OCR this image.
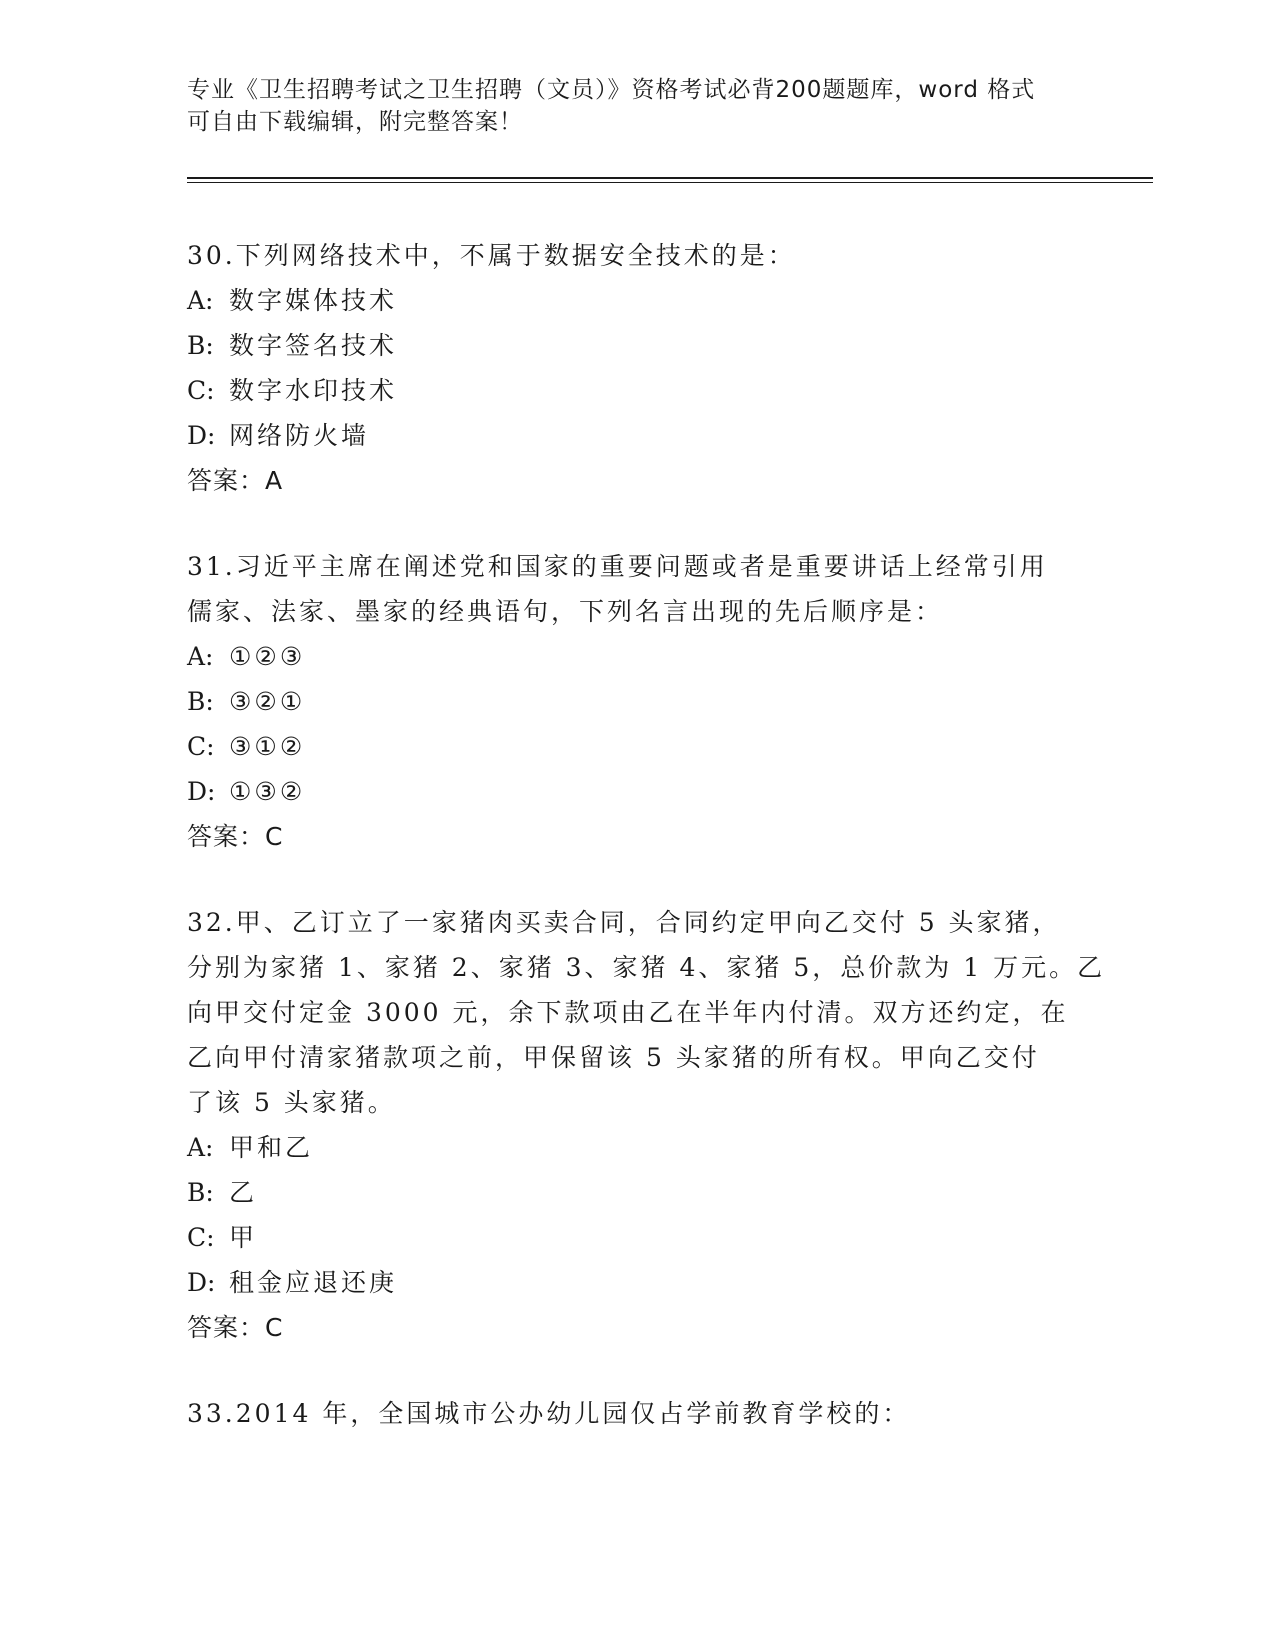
专业《卫生招聘考试之卫生招聘（文员）》资格考试必背200题题库，word 格式
可自由下载编辑，附完整答案！
30.下列网络技术中，不属于数据安全技术的是：
A: 数字媒体技术
B: 数字签名技术
C: 数字水印技术
D: 网络防火墙
答案：A
31.习近平主席在阐述党和国家的重要问题或者是重要讲话上经常引用
儒家、法家、墨家的经典语句，下列名言出现的先后顺序是：
A: ①②③
B: ③②①
C: ③①②
D: ①③②
答案：C
32.甲、乙订立了一家猪肉买卖合同，合同约定甲向乙交付 5 头家猪，
分别为家猪 1、家猪 2、家猪 3、家猪 4、家猪 5，总价款为 1 万元。乙
向甲交付定金 3000 元，余下款项由乙在半年内付清。双方还约定，在
乙向甲付清家猪款项之前，甲保留该 5 头家猪的所有权。甲向乙交付
了该 5 头家猪。
A: 甲和乙
B: 乙
C: 甲
D: 租金应退还庚
答案：C
33.2014 年，全国城市公办幼儿园仅占学前教育学校的：
